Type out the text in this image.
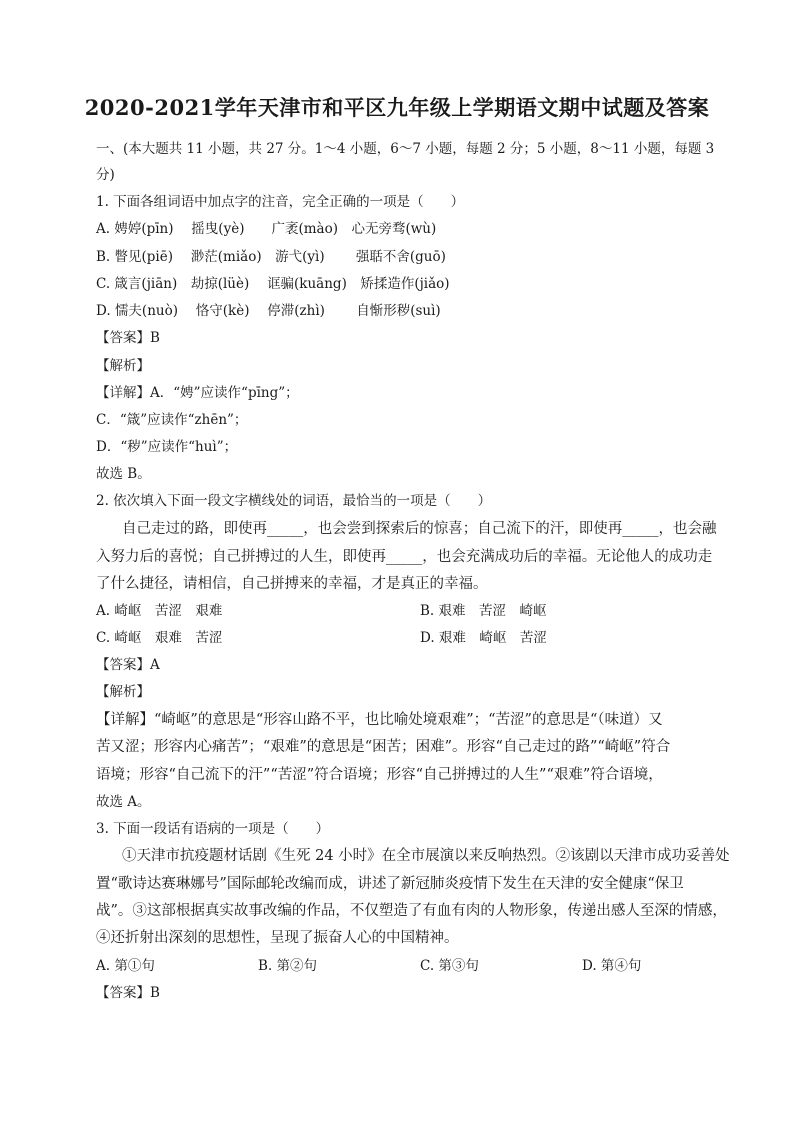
2020-2021学年天津市和平区九年级上学期语文期中试题及答案
一、(本大题共 11 小题，共 27 分。1～4 小题，6～7 小题，每题 2 分；5 小题，8～11 小题，每题 3
分)
1. 下面各组词语中加点字的注音，完全正确的一项是（　　）
A. 娉婷(pīn)　 摇曳(yè)　　广袤(mào)　心无旁骛(wù)
B. 瞥见(piē)　 渺茫(miǎo)　游弋(yì)　　 强聒不舍(guō)
C. 箴言(jiān)　劫掠(lüè)　 诓骗(kuāng)　矫揉造作(jiǎo)
D. 懦夫(nuò)　 恪守(kè)　 停滞(zhì)　　 自惭形秽(suì)
【答案】B
【解析】
【详解】A．“娉”应读作“pīng”；
C．“箴”应读作“zhēn”；
D．“秽”应读作“huì”；
故选 B。
2. 依次填入下面一段文字横线处的词语，最恰当的一项是（　　）
自己走过的路，即使再_____，也会尝到探索后的惊喜；自己流下的汗，即使再_____，也会融
入努力后的喜悦；自己拼搏过的人生，即使再_____，也会充满成功后的幸福。无论他人的成功走
了什么捷径，请相信，自己拼搏来的幸福，才是真正的幸福。
A. 崎岖　苦涩　艰难	B. 艰难　苦涩　崎岖
C. 崎岖　艰难　苦涩	D. 艰难　崎岖　苦涩
【答案】A
【解析】
【详解】“崎岖”的意思是“形容山路不平，也比喻处境艰难”；“苦涩”的意思是“（味道）又
苦又涩；形容内心痛苦”；“艰难”的意思是“困苦；困难”。形容“自己走过的路”“崎岖”符合
语境；形容“自己流下的汗”“苦涩”符合语境；形容“自己拼搏过的人生”“艰难”符合语境，
故选 A。
3. 下面一段话有语病的一项是（　　）
①天津市抗疫题材话剧《生死 24 小时》在全市展演以来反响热烈。②该剧以天津市成功妥善处
置“歌诗达赛琳娜号”国际邮轮改编而成，讲述了新冠肺炎疫情下发生在天津的安全健康“保卫
战”。③这部根据真实故事改编的作品，不仅塑造了有血有肉的人物形象，传递出感人至深的情感，
④还折射出深刻的思想性，呈现了振奋人心的中国精神。
A. 第①句	B. 第②句	C. 第③句	D. 第④句
【答案】B
